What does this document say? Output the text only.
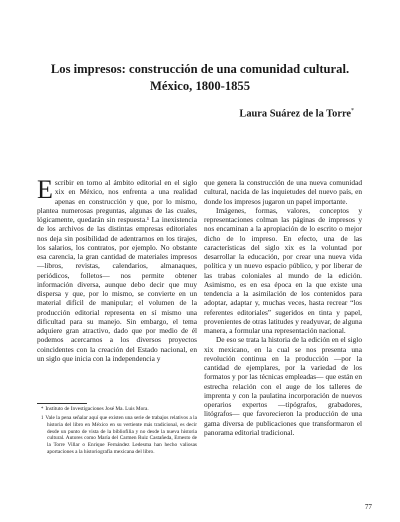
Los impresos: construcción de una comunidad cultural.
México, 1800-1855
Laura Suárez de la Torre*

Escribir en torno al ámbito editorial en el siglo xix en México, nos enfrenta a una realidad apenas en construcción y que, por lo mismo, plantea numerosas preguntas, algunas de las cuales, lógicamente, quedarán sin respuesta.¹ La inexistencia de los archivos de las distintas empresas editoriales nos deja sin posibilidad de adentrarnos en los tirajes, los salarios, los contratos, por ejemplo. No obstante esa carencia, la gran cantidad de materiales impresos —libros, revistas, calendarios, almanaques, periódicos, folletos— nos permite obtener información diversa, aunque debo decir que muy dispersa y que, por lo mismo, se convierte en un material difícil de manipular; el volumen de la producción editorial representa en sí mismo una dificultad para su manejo. Sin embargo, el tema adquiere gran atractivo, dado que por medio de él podemos acercarnos a los diversos proyectos coincidentes con la creación del Estado nacional, en un siglo que inicia con la independencia y

que genera la construcción de una nueva comunidad cultural, nacida de las inquietudes del nuevo país, en donde los impresos jugaron un papel importante.

Imágenes, formas, valores, conceptos y representaciones colman las páginas de impresos y nos encaminan a la apropiación de lo escrito o mejor dicho de lo impreso. En efecto, una de las características del siglo xix es la voluntad por desarrollar la educación, por crear una nueva vida política y un nuevo espacio público, y por liberar de las trabas coloniales al mundo de la edición. Asimismo, es en esa época en la que existe una tendencia a la asimilación de los contenidos para adoptar, adaptar y, muchas veces, hasta recrear “los referentes editoriales” sugeridos en tinta y papel, provenientes de otras latitudes y readyuvar, de alguna manera, a formular una representación nacional.

De eso se trata la historia de la edición en el siglo xix mexicano, en la cual se nos presenta una revolución continua en la producción —por la cantidad de ejemplares, por la variedad de los formatos y por las técnicas empleadas— que están en estrecha relación con el auge de los talleres de imprenta y con la paulatina incorporación de nuevos operarios expertos —tipógrafos, grabadores, litógrafos— que favorecieron la producción de una gama diversa de publicaciones que transformaron el panorama editorial tradicional.

* Instituto de Investigaciones José Ma. Luis Mora.

1 Vale la pena señalar aquí que existen una serie de trabajos relativos a la historia del libro en México en su vertiente más tradicional, es decir desde un punto de vista de la bibliofilia y no desde la nueva historia cultural. Autores como María del Carmen Ruiz Castañeda, Ernesto de la Torre Villar o Enrique Fernández Ledesma han hecho valiosas aportaciones a la historiografía mexicana del libro.

77
